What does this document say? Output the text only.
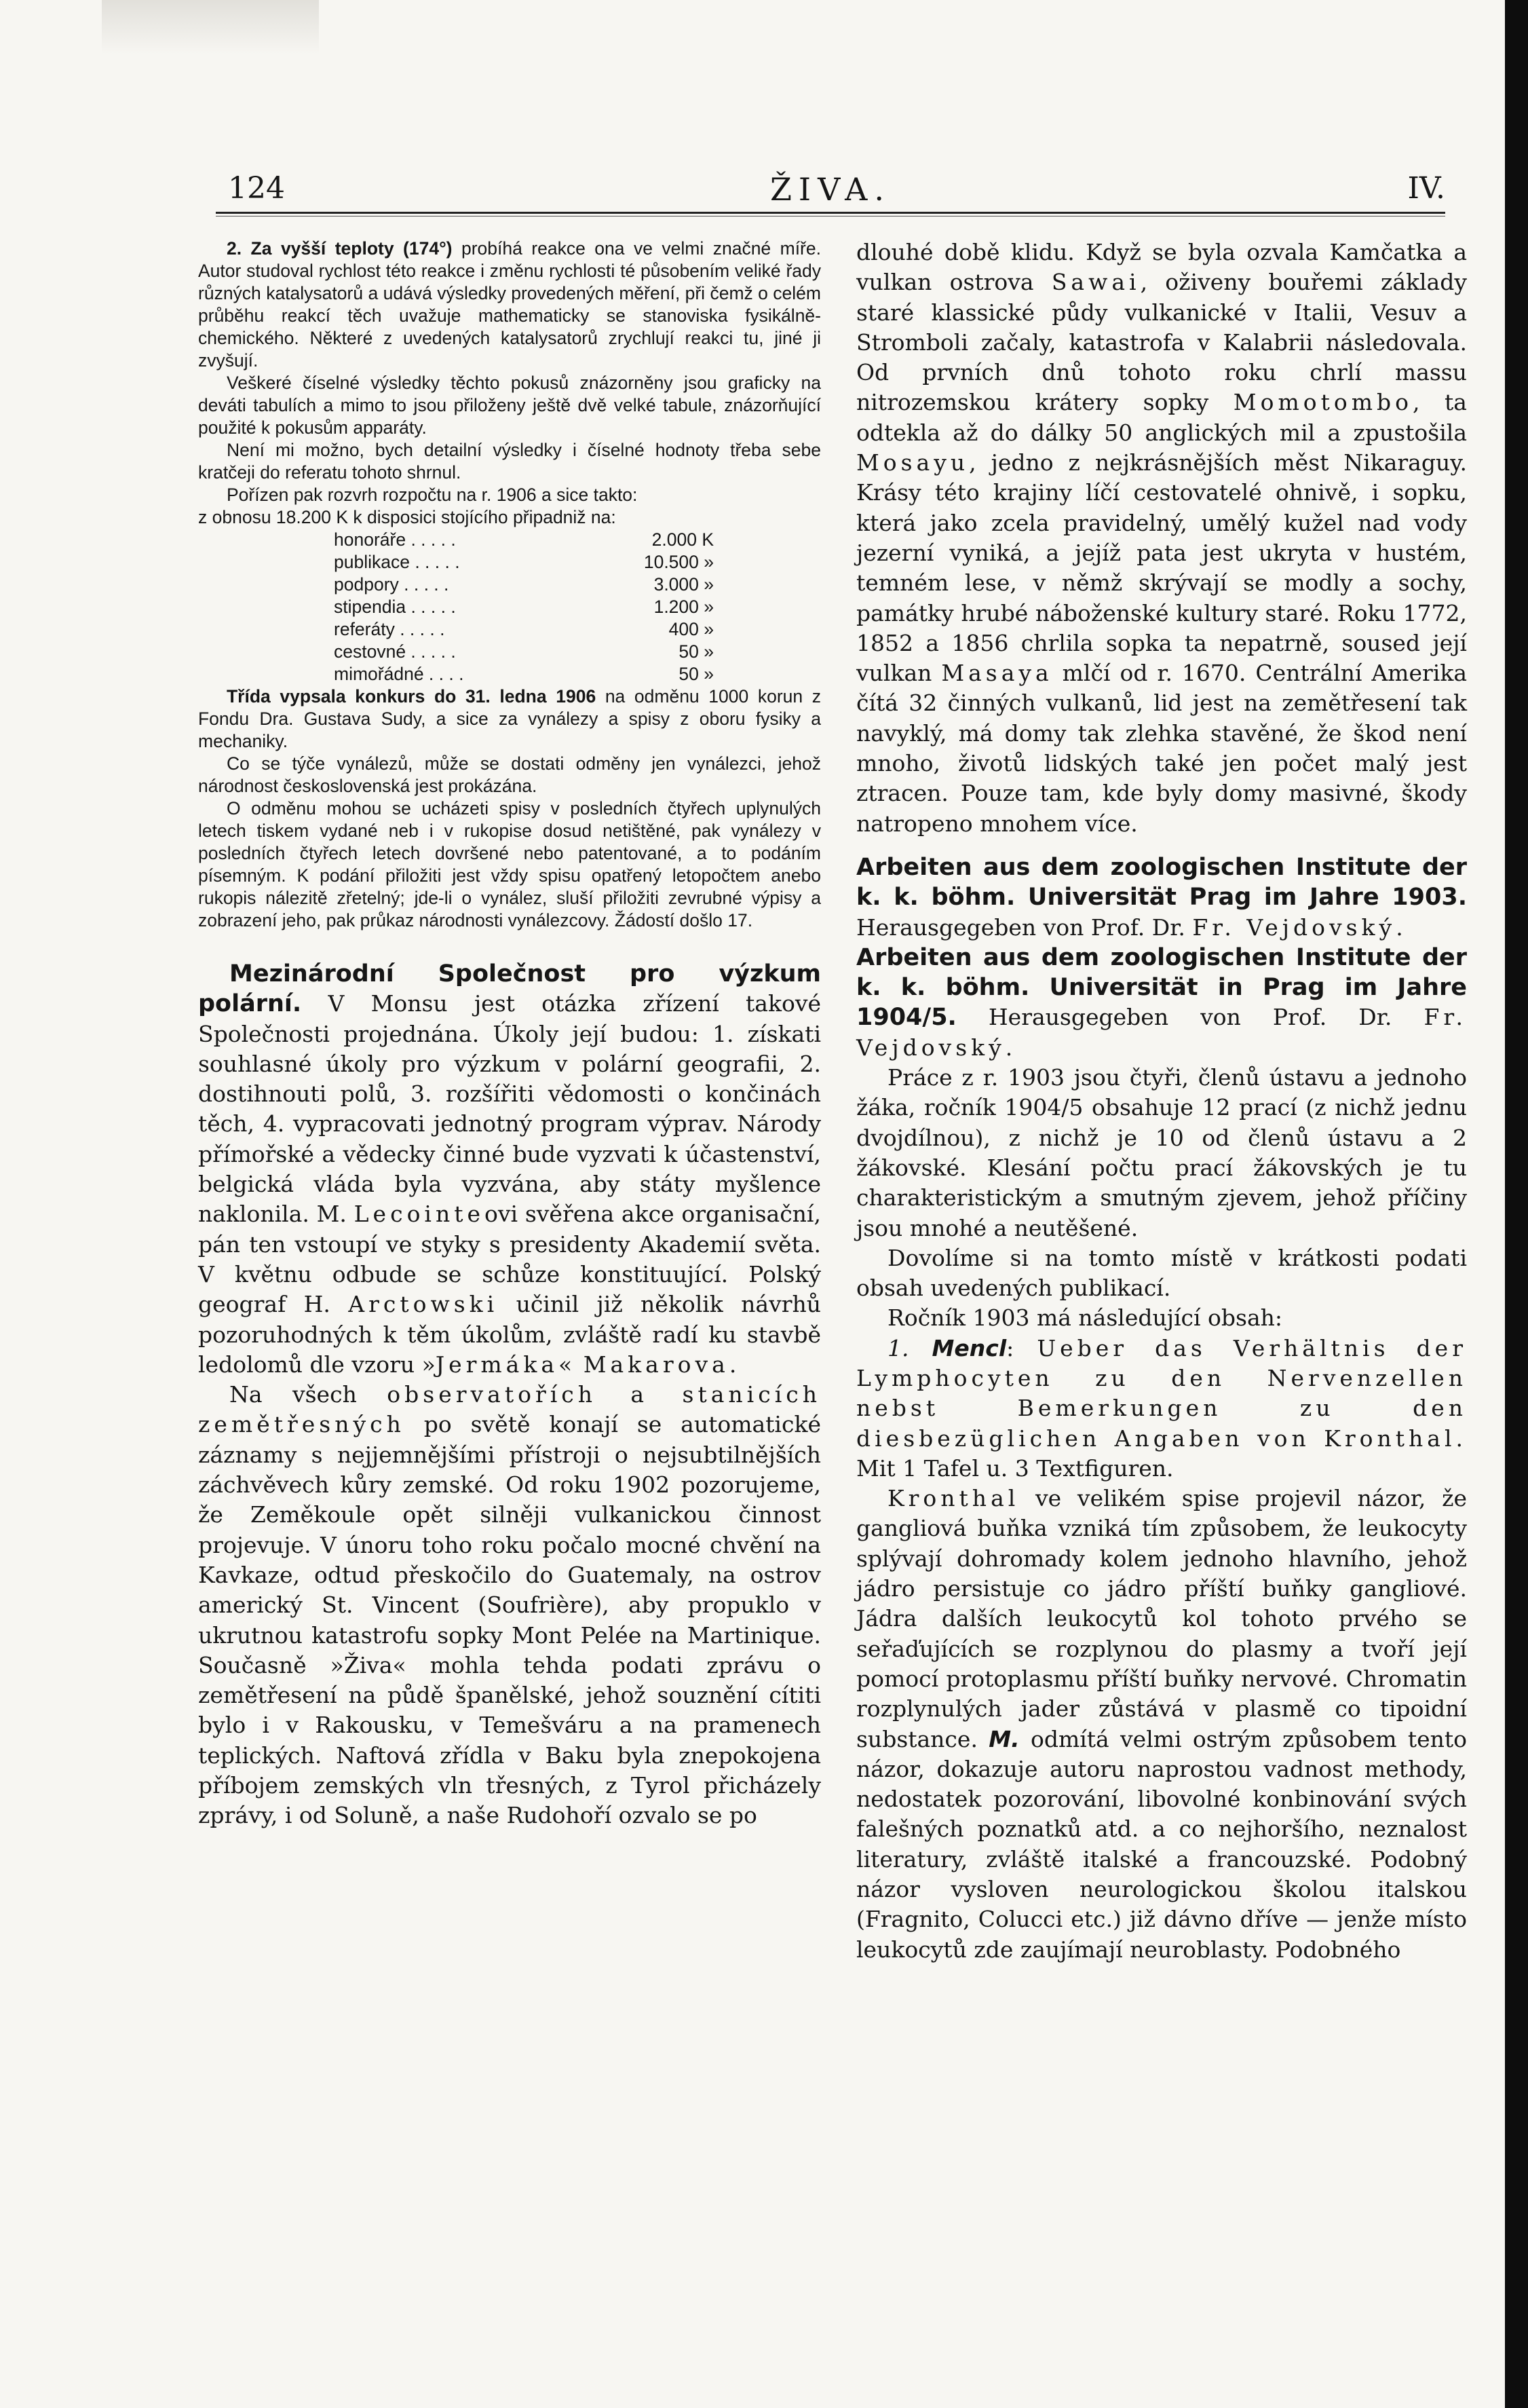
124	ŽIVA.	IV.

2. Za vyšší teploty (174°) probíhá reakce ona ve velmi značné míře. Autor studoval rychlost této reakce i změnu rychlosti té působením veliké řady různých katalysatorů a udává výsledky provedených měření, při čemž o celém průběhu reakcí těch uvažuje mathematicky se stanoviska fysikálně-chemického. Některé z uvedených katalysatorů zrychlují reakci tu, jiné ji zvyšují.

Veškeré číselné výsledky těchto pokusů znázorněny jsou graficky na deváti tabulích a mimo to jsou přiloženy ještě dvě velké tabule, znázorňující použité k pokusům apparáty.

Není mi možno, bych detailní výsledky i číselné hodnoty třeba sebe kratčeji do referatu tohoto shrnul.

Pořízen pak rozvrh rozpočtu na r. 1906 a sice takto:

z obnosu 18.200 K k disposici stojícího připadniž na:

honoráře . . . . .	2.000 K
publikace . . . . .	10.500 »
podpory . . . . .	3.000 »
stipendia . . . . .	1.200 »
referáty . . . . .	400 »
cestovné . . . . .	50 »
mimořádné . . . .	50 »

Třída vypsala konkurs do 31. ledna 1906 na odměnu 1000 korun z Fondu Dra. Gustava Sudy, a sice za vynálezy a spisy z oboru fysiky a mechaniky.

Co se týče vynálezů, může se dostati odměny jen vynálezci, jehož národnost československá jest prokázána.

O odměnu mohou se ucházeti spisy v posledních čtyřech uplynulých letech tiskem vydané neb i v rukopise dosud netištěné, pak vynálezy v posledních čtyřech letech dovršené nebo patentované, a to podáním písemným. K podání přiložiti jest vždy spisu opatřený letopočtem anebo rukopis nálezitě zřetelný; jde-li o vynález, sluší přiložiti zevrubné výpisy a zobrazení jeho, pak průkaz národnosti vynálezcovy. Žádostí došlo 17.

Mezinárodní Společnost pro výzkum polární. V Monsu jest otázka zřízení takové Společnosti projednána. Úkoly její budou: 1. získati souhlasné úkoly pro výzkum v polární geografii, 2. dostihnouti polů, 3. rozšířiti vědomosti o končinách těch, 4. vypracovati jednotný program výprav. Národy přímořské a vědecky činné bude vyzvati k účastenství, belgická vláda byla vyzvána, aby státy myšlence naklonila. M. Lecointeovi svěřena akce organisační, pán ten vstoupí ve styky s presidenty Akademií světa. V květnu odbude se schůze konstituující. Polský geograf H. Arctowski učinil již několik návrhů pozoruhodných k těm úkolům, zvláště radí ku stavbě ledolomů dle vzoru »Jermáka« Makarova.

Na všech observatořích a stanicích zemětřesných po světě konají se automatické záznamy s nejjemnějšími přístroji o nejsubtilnějších záchvěvech kůry zemské. Od roku 1902 pozorujeme, že Zeměkoule opět silněji vulkanickou činnost projevuje. V únoru toho roku počalo mocné chvění na Kavkaze, odtud přeskočilo do Guatemaly, na ostrov americký St. Vincent (Soufrière), aby propuklo v ukrutnou katastrofu sopky Mont Pelée na Martinique. Současně »Živa« mohla tehda podati zprávu o zemětřesení na půdě španělské, jehož souznění cítiti bylo i v Rakousku, v Temešváru a na pramenech teplických. Naftová zřídla v Baku byla znepokojena příbojem zemských vln třesných, z Tyrol přicházely zprávy, i od Soluně, a naše Rudohoří ozvalo se po

dlouhé době klidu. Když se byla ozvala Kamčatka a vulkan ostrova Sawai, oživeny bouřemi základy staré klassické půdy vulkanické v Italii, Vesuv a Stromboli začaly, katastrofa v Kalabrii následovala. Od prvních dnů tohoto roku chrlí massu nitrozemskou krátery sopky Momotombo, ta odtekla až do dálky 50 anglických mil a zpustošila Mosayu, jedno z nejkrásnějších měst Nikaraguy. Krásy této krajiny líčí cestovatelé ohnivě, i sopku, která jako zcela pravidelný, umělý kužel nad vody jezerní vyniká, a jejíž pata jest ukryta v hustém, temném lese, v němž skrývají se modly a sochy, památky hrubé náboženské kultury staré. Roku 1772, 1852 a 1856 chrlila sopka ta nepatrně, soused její vulkan Masaya mlčí od r. 1670. Centrální Amerika čítá 32 činných vulkanů, lid jest na zemětřesení tak navyklý, má domy tak zlehka stavěné, že škod není mnoho, životů lidských také jen počet malý jest ztracen. Pouze tam, kde byly domy masivné, škody natropeno mnohem více.

Arbeiten aus dem zoologischen Institute der k. k. böhm. Universität Prag im Jahre 1903. Herausgegeben von Prof. Dr. Fr. Vejdovský.

Arbeiten aus dem zoologischen Institute der k. k. böhm. Universität in Prag im Jahre 1904/5. Herausgegeben von Prof. Dr. Fr. Vejdovský.

Práce z r. 1903 jsou čtyři, členů ústavu a jednoho žáka, ročník 1904/5 obsahuje 12 prací (z nichž jednu dvojdílnou), z nichž je 10 od členů ústavu a 2 žákovské. Klesání počtu prací žákovských je tu charakteristickým a smutným zjevem, jehož příčiny jsou mnohé a neutěšené.

Dovolíme si na tomto místě v krátkosti podati obsah uvedených publikací.

Ročník 1903 má následující obsah:

1. Mencl: Ueber das Verhältnis der Lymphocyten zu den Nervenzellen nebst Bemerkungen zu den diesbezüglichen Angaben von Kronthal. Mit 1 Tafel u. 3 Textfiguren.

Kronthal ve velikém spise projevil názor, že gangliová buňka vzniká tím způsobem, že leukocyty splývají dohromady kolem jednoho hlavního, jehož jádro persistuje co jádro příští buňky gangliové. Jádra dalších leukocytů kol tohoto prvého se seřaďujících se rozplynou do plasmy a tvoří její pomocí protoplasmu příští buňky nervové. Chromatin rozplynulých jader zůstává v plasmě co tipoidní substance. M. odmítá velmi ostrým způsobem tento názor, dokazuje autoru naprostou vadnost methody, nedostatek pozorování, libovolné konbinování svých falešných poznatků atd. a co nejhoršího, neznalost literatury, zvláště italské a francouzské. Podobný názor vysloven neurologickou školou italskou (Fragnito, Colucci etc.) již dávno dříve — jenže místo leukocytů zde zaujímají neuroblasty. Podobného
